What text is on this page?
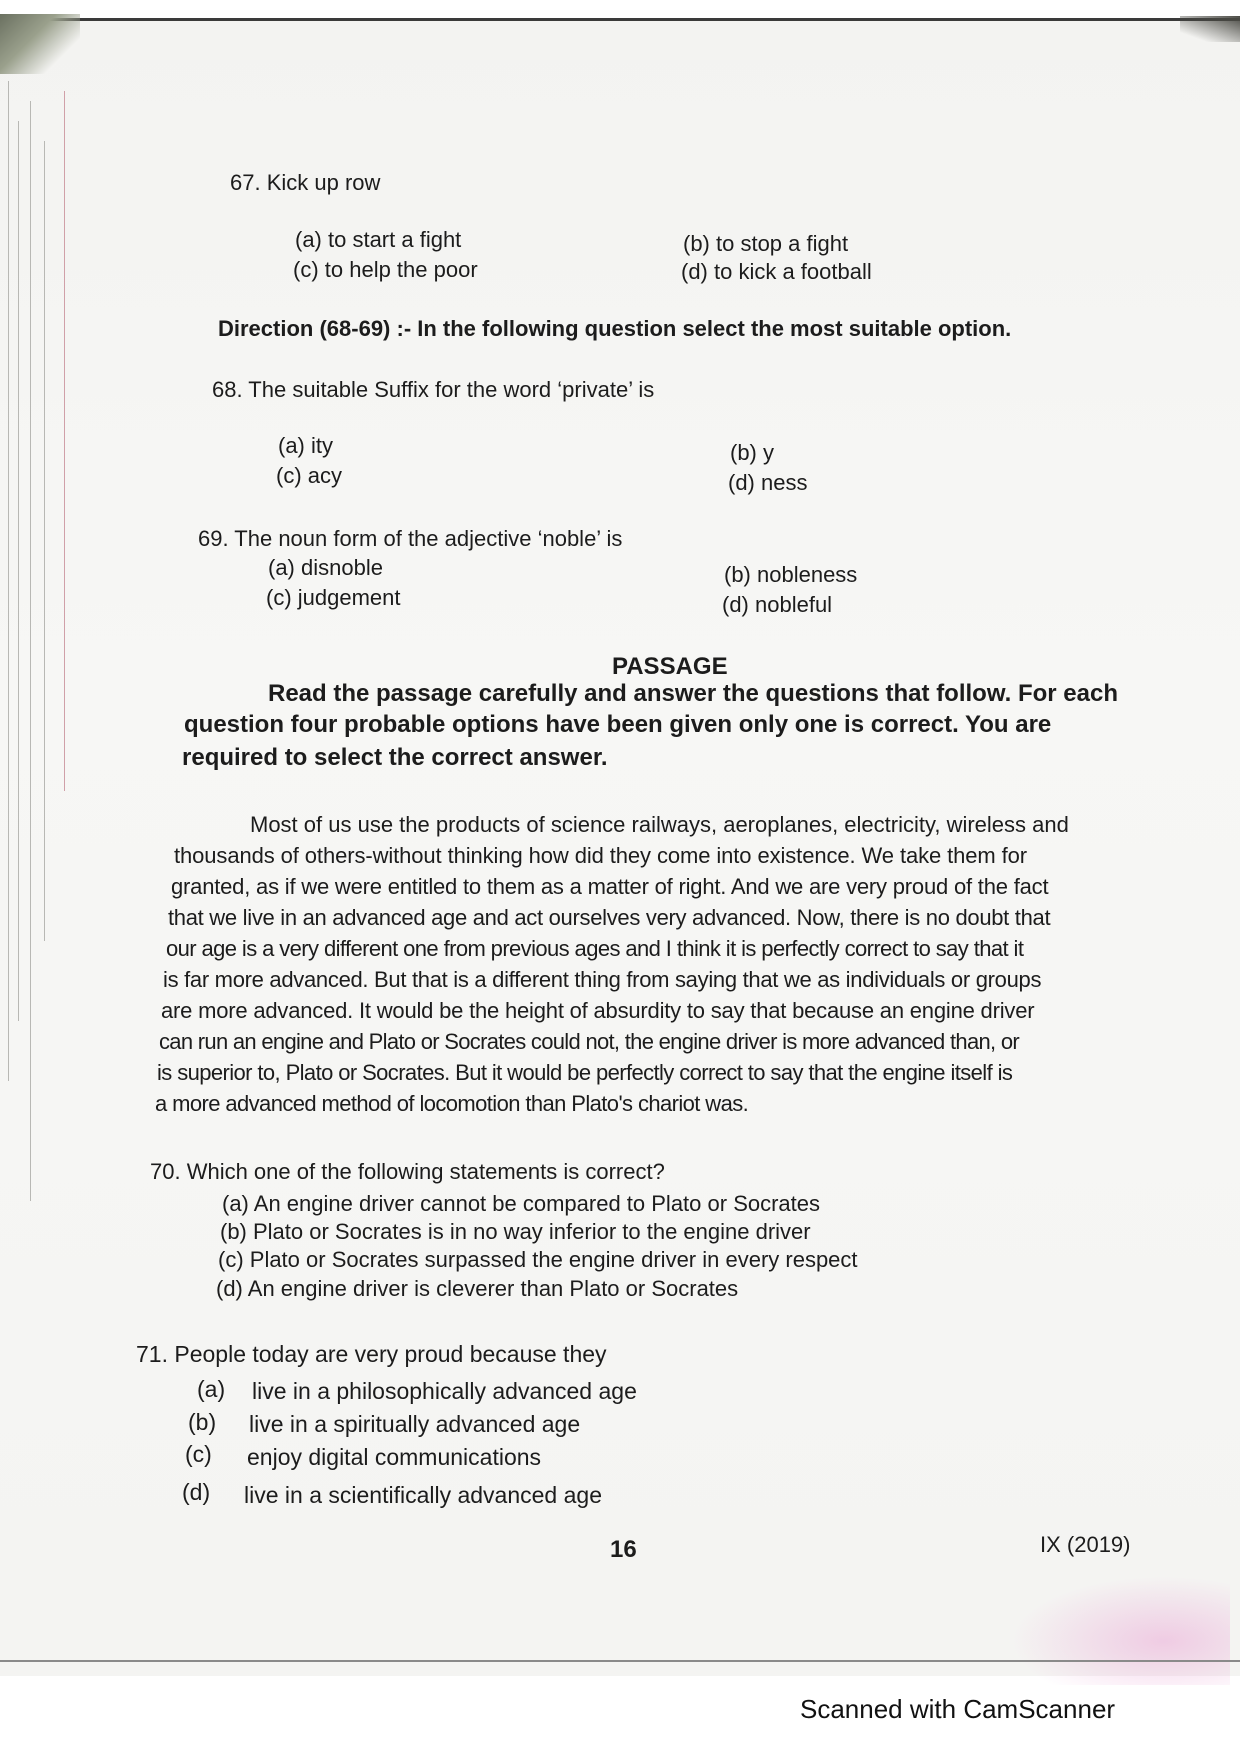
67. Kick up row
(a) to start a fight	(b) to stop a fight
(c) to help the poor	(d) to kick a football
Direction (68-69) :- In the following question select the most suitable option.
68. The suitable Suffix for the word ‘private’ is
(a) ity	(b) y
(c) acy	(d) ness
69. The noun form of the adjective ‘noble’ is
(a) disnoble	(b) nobleness
(c) judgement	(d) nobleful
PASSAGE
Read the passage carefully and answer the questions that follow. For each
question four probable options have been given only one is correct. You are
required to select the correct answer.
Most of us use the products of science railways, aeroplanes, electricity, wireless and
thousands of others-without thinking how did they come into existence. We take them for
granted, as if we were entitled to them as a matter of right. And we are very proud of the fact
that we live in an advanced age and act ourselves very advanced. Now, there is no doubt that
our age is a very different one from previous ages and I think it is perfectly correct to say that it
is far more advanced. But that is a different thing from saying that we as individuals or groups
are more advanced. It would be the height of absurdity to say that because an engine driver
can run an engine and Plato or Socrates could not, the engine driver is more advanced than, or
is superior to, Plato or Socrates. But it would be perfectly correct to say that the engine itself is
a more advanced method of locomotion than Plato's chariot was.
70. Which one of the following statements is correct?
(a) An engine driver cannot be compared to Plato or Socrates
(b) Plato or Socrates is in no way inferior to the engine driver
(c) Plato or Socrates surpassed the engine driver in every respect
(d) An engine driver is cleverer than Plato or Socrates
71. People today are very proud because they
(a) live in a philosophically advanced age
(b) live in a spiritually advanced age
(c) enjoy digital communications
(d) live in a scientifically advanced age
16	IX (2019)
Scanned with CamScanner
